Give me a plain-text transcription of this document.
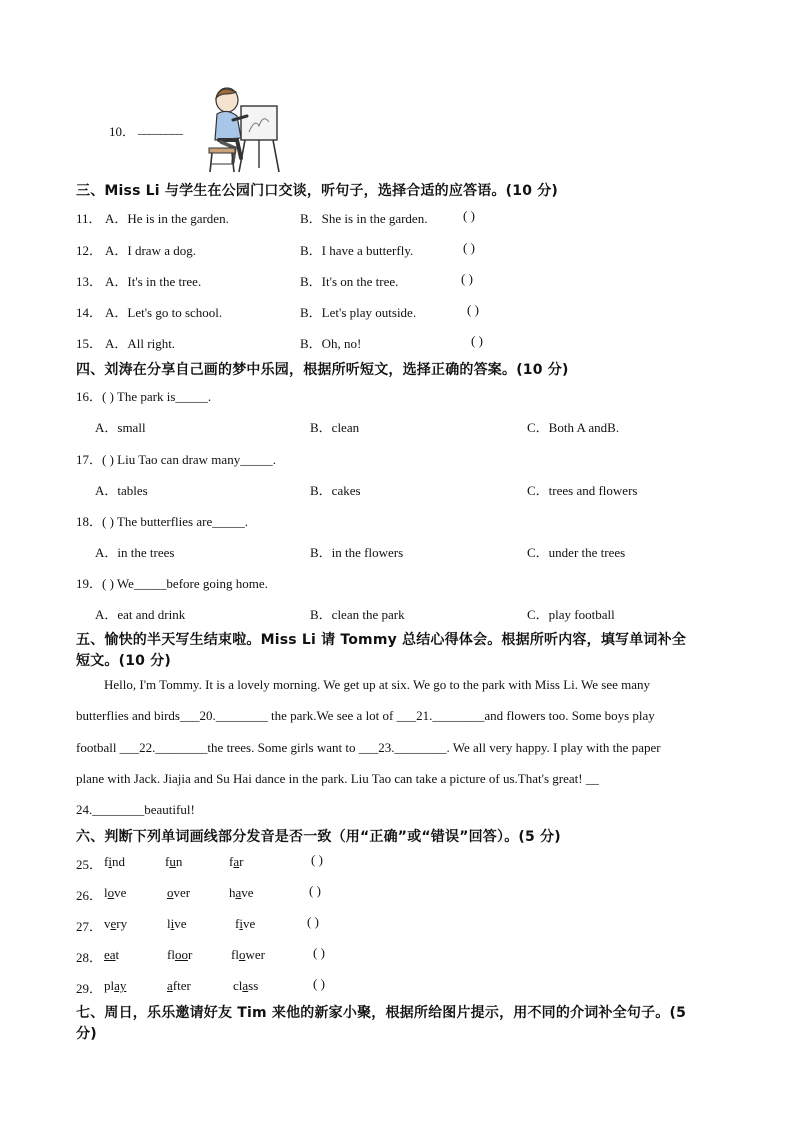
10． ________
三、Miss Li 与学生在公园门口交谈，听句子，选择合适的应答语。(10 分)
11． A．He is in the garden.	B．She is in the garden.	( )
12． A．I draw a dog.	B．I have a butterfly.	( )
13． A．It's in the tree.	B．It's on the tree.	( )
14． A．Let's go to school.	B．Let's play outside.	( )
15． A．All right.	B．Oh, no!	( )
四、刘涛在分享自己画的梦中乐园，根据所听短文，选择正确的答案。(10 分)
16．( ) The park is_____.
A．small	B．clean	C．Both A andB.
17．( ) Liu Tao can draw many_____.
A．tables	B．cakes	C．trees and flowers
18．( ) The butterflies are_____.
A．in the trees	B．in the flowers	C．under the trees
19．( ) We_____before going home.
A．eat and drink	B．clean the park	C．play football
五、愉快的半天写生结束啦。Miss Li 请 Tommy 总结心得体会。根据所听内容，填写单词补全
短文。(10 分)
Hello, I'm Tommy. It is a lovely morning. We get up at six. We go to the park with Miss Li. We see many
butterflies and birds___20.________ the park.We see a lot of ___21.________and flowers too. Some boys play
football ___22.________the trees. Some girls want to ___23.________. We all very happy. I play with the paper
plane with Jack. Jiajia and Su Hai dance in the park. Liu Tao can take a picture of us.That's great! __
24.________beautiful!
六、判断下列单词画线部分发音是否一致（用“正确”或“错误”回答）。(5 分)
25． find	fun	far	( )
26． love	over	have	( )
27． very	live	five	( )
28． eat	floor	flower	( )
29． play	after	class	( )
七、周日，乐乐邀请好友 Tim 来他的新家小聚，根据所给图片提示，用不同的介词补全句子。(5
分)
